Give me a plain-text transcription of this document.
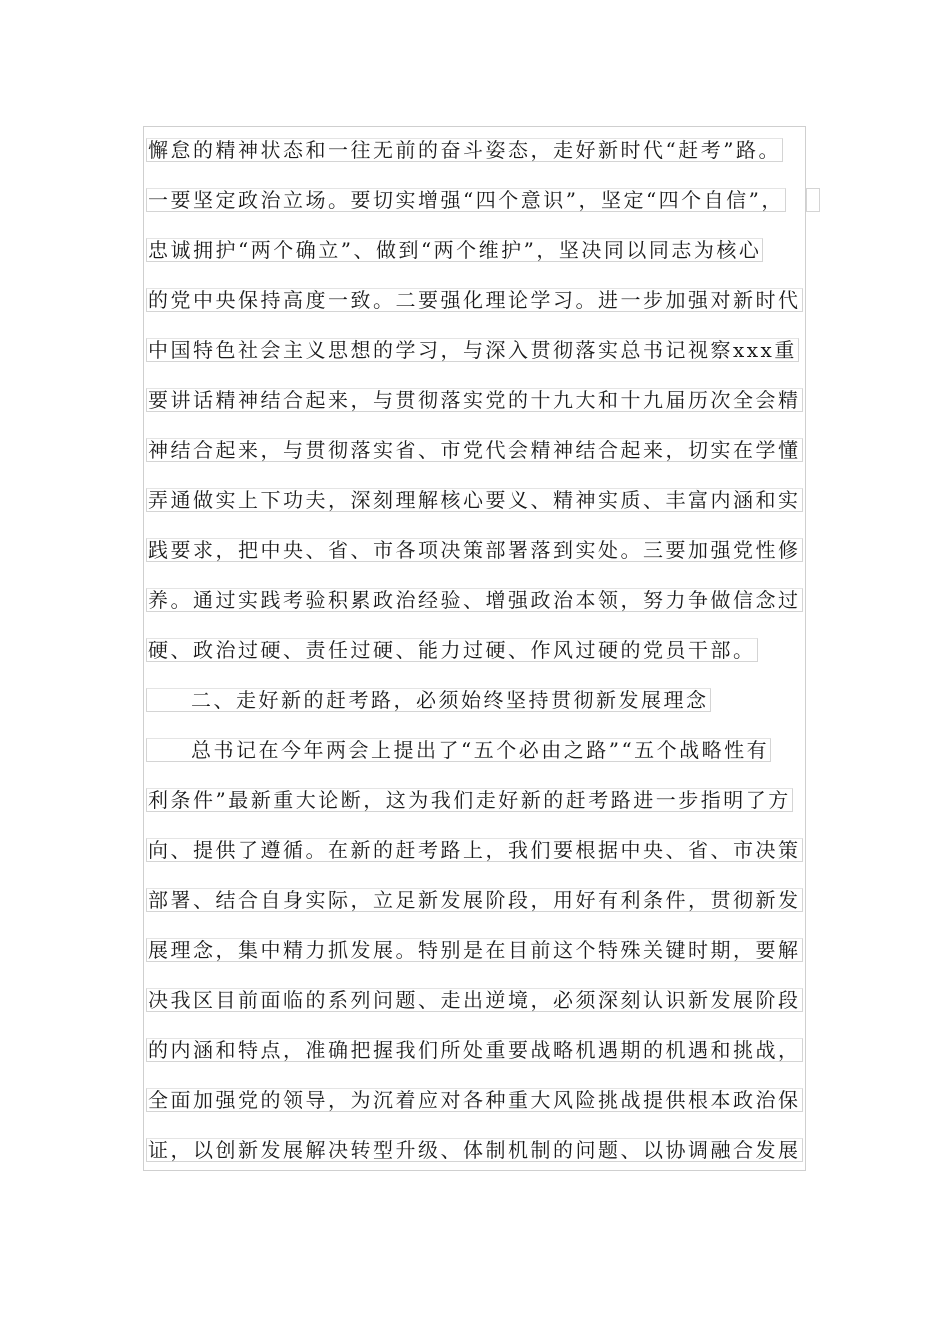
懈怠的精神状态和一往无前的奋斗姿态，走好新时代“赶考”路。
一要坚定政治立场。要切实增强“四个意识”，坚定“四个自信”，
忠诚拥护“两个确立”、做到“两个维护”，坚决同以同志为核心
的党中央保持高度一致。二要强化理论学习。进一步加强对新时代
中国特色社会主义思想的学习，与深入贯彻落实总书记视察xxx重
要讲话精神结合起来，与贯彻落实党的十九大和十九届历次全会精
神结合起来，与贯彻落实省、市党代会精神结合起来，切实在学懂
弄通做实上下功夫，深刻理解核心要义、精神实质、丰富内涵和实
践要求，把中央、省、市各项决策部署落到实处。三要加强党性修
养。通过实践考验积累政治经验、增强政治本领，努力争做信念过
硬、政治过硬、责任过硬、能力过硬、作风过硬的党员干部。
二、走好新的赶考路，必须始终坚持贯彻新发展理念
总书记在今年两会上提出了“五个必由之路”“五个战略性有
利条件”最新重大论断，这为我们走好新的赶考路进一步指明了方
向、提供了遵循。在新的赶考路上，我们要根据中央、省、市决策
部署、结合自身实际，立足新发展阶段，用好有利条件，贯彻新发
展理念，集中精力抓发展。特别是在目前这个特殊关键时期，要解
决我区目前面临的系列问题、走出逆境，必须深刻认识新发展阶段
的内涵和特点，准确把握我们所处重要战略机遇期的机遇和挑战，
全面加强党的领导，为沉着应对各种重大风险挑战提供根本政治保
证，以创新发展解决转型升级、体制机制的问题、以协调融合发展
